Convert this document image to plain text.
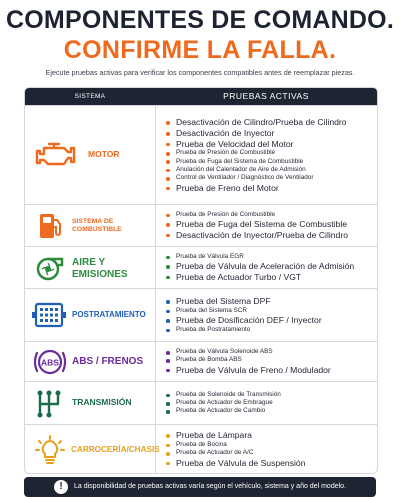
COMPONENTES DE COMANDO.
CONFIRME LA FALLA.
Ejecute pruebas activas para verificar los componentes compatibles antes de reemplazar piezas.
SISTEMA	PRUEBAS ACTIVAS
MOTOR
Desactivación de Cilindro/Prueba de Cilindro
Desactivación de Inyector
Prueba de Velocidad del Motor
Prueba de Presión de Combustible
Prueba de Fuga del Sistema de Combustible
Anulación del Calentador de Aire de Admisión
Control de Ventilador / Diagnóstico de Ventilador
Prueba de Freno del Motor
SISTEMA DE
COMBUSTIBLE
Prueba de Presión de Combustible
Prueba de Fuga del Sistema de Combustible
Desactivación de Inyector/Prueba de Cilindro
AIRE Y
EMISIONES
Prueba de Válvula EGR
Prueba de Válvula de Aceleración de Admisión
Prueba de Actuador Turbo / VGT
POSTRATAMIENTO
Prueba del Sistema DPF
Prueba del Sistema SCR
Prueba de Dosificación DEF / Inyector
Prueba de Postratamiento
ABS ABS / FRENOS
Prueba de Válvula Solenoide ABS
Prueba de Bomba ABS
Prueba de Válvula de Freno / Modulador
TRANSMISIÓN
Prueba de Solenoide de Transmisión
Prueba de Actuador de Embrague
Prueba de Actuador de Cambio
CARROCERÍA/CHASIS
Prueba de Lámpara
Prueba de Bocina
Prueba de Actuador de A/C
Prueba de Válvula de Suspensión
!	La disponibilidad de pruebas activas varía según el vehículo, sistema y año del modelo.
